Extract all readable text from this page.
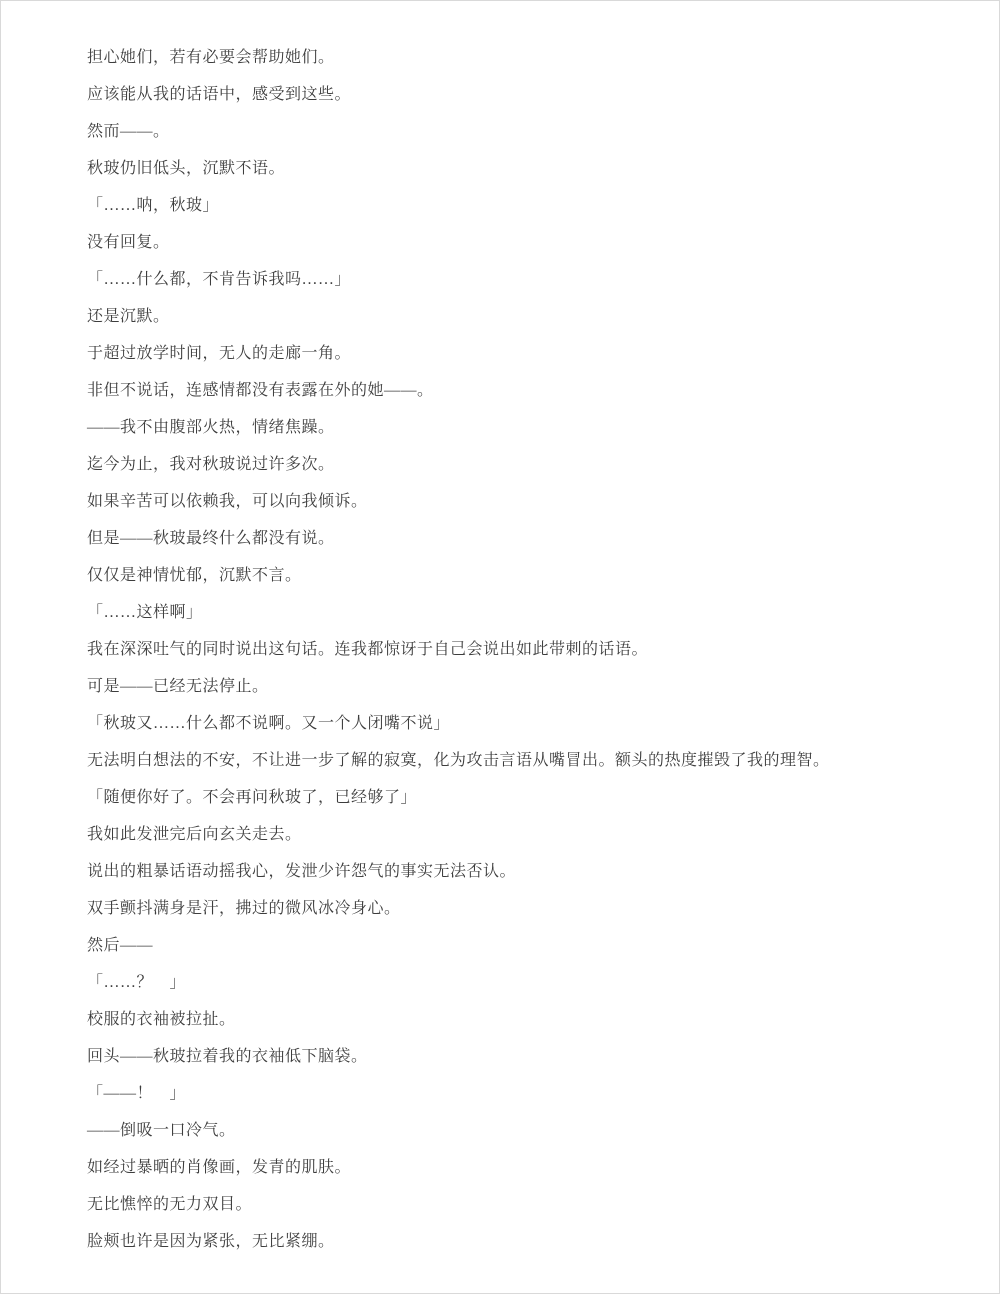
担心她们，若有必要会帮助她们。

应该能从我的话语中，感受到这些。

然而——。

秋玻仍旧低头，沉默不语。

「……呐，秋玻」

没有回复。

「……什么都，不肯告诉我吗……」

还是沉默。

于超过放学时间，无人的走廊一角。

非但不说话，连感情都没有表露在外的她——。

——我不由腹部火热，情绪焦躁。

迄今为止，我对秋玻说过许多次。

如果辛苦可以依赖我，可以向我倾诉。

但是——秋玻最终什么都没有说。

仅仅是神情忧郁，沉默不言。

「……这样啊」

我在深深吐气的同时说出这句话。连我都惊讶于自己会说出如此带刺的话语。

可是——已经无法停止。

「秋玻又……什么都不说啊。又一个人闭嘴不说」

无法明白想法的不安，不让进一步了解的寂寞，化为攻击言语从嘴冒出。额头的热度摧毁了我的理智。

「随便你好了。不会再问秋玻了，已经够了」

我如此发泄完后向玄关走去。

说出的粗暴话语动摇我心，发泄少许怨气的事实无法否认。

双手颤抖满身是汗，拂过的微风冰冷身心。

然后——

「……？　」

校服的衣袖被拉扯。

回头——秋玻拉着我的衣袖低下脑袋。

「——！　」

——倒吸一口冷气。

如经过暴晒的肖像画，发青的肌肤。

无比憔悴的无力双目。

脸颊也许是因为紧张，无比紧绷。
